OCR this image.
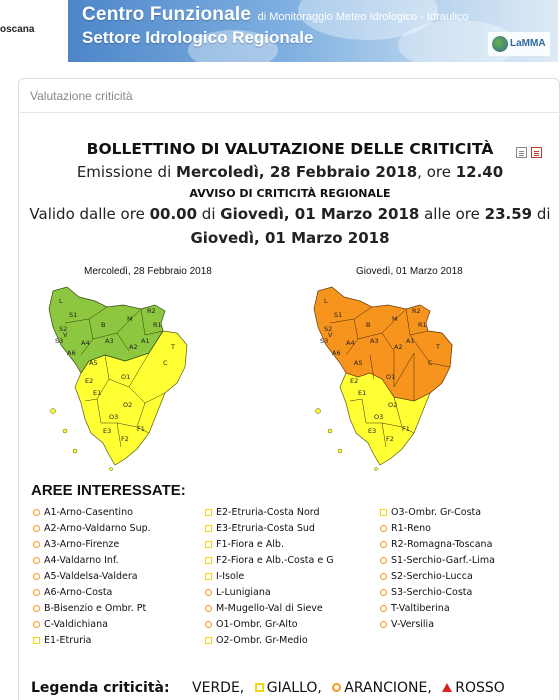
oscana
Centro Funzionale di Monitoraggio Meteo Idrologico - Idraulico
Settore Idrologico Regionale	LaMMA
Valutazione criticità
BOLLETTINO DI VALUTAZIONE DELLE CRITICITÀ
Emissione di Mercoledì, 28 Febbraio 2018, ore 12.40
AVVISO DI CRITICITÀ REGIONALE
Valido dalle ore 00.00 di Giovedì, 01 Marzo 2018 alle ore 23.59 di
Giovedì, 01 Marzo 2018
Mercoledì, 28 Febbraio 2018	Giovedì, 01 Marzo 2018
L
S1
S2
S3
B
A4 A3
A2
A1
R2
R1
C
T
V
A6
A5
O1
E1
O2
O3
E2
E3	F1
F2
M
L
S1
S2
S3
B
A4 A3
A2
A1
R2
R1
C
T
V
A6
A5
O1
E1
O2
O3
E2
E3	F1
F2
M
AREE INTERESSATE:
A1-Arno-Casentino
A2-Arno-Valdarno Sup.
A3-Arno-Firenze
A4-Valdarno Inf.
A5-Valdelsa-Valdera
A6-Arno-Costa
B-Bisenzio e Ombr. Pt
C-Valdichiana
E1-Etruria
E2-Etruria-Costa Nord
E3-Etruria-Costa Sud
F1-Fiora e Alb.
F2-Fiora e Alb.-Costa e G
I-Isole
L-Lunigiana
M-Mugello-Val di Sieve
O1-Ombr. Gr-Alto
O2-Ombr. Gr-Medio
O3-Ombr. Gr-Costa
R1-Reno
R2-Romagna-Toscana
S1-Serchio-Garf.-Lima
S2-Serchio-Lucca
S3-Serchio-Costa
T-Valtiberina
V-Versilia
Legenda criticità: VERDE, GIALLO, ARANCIONE, ROSSO
